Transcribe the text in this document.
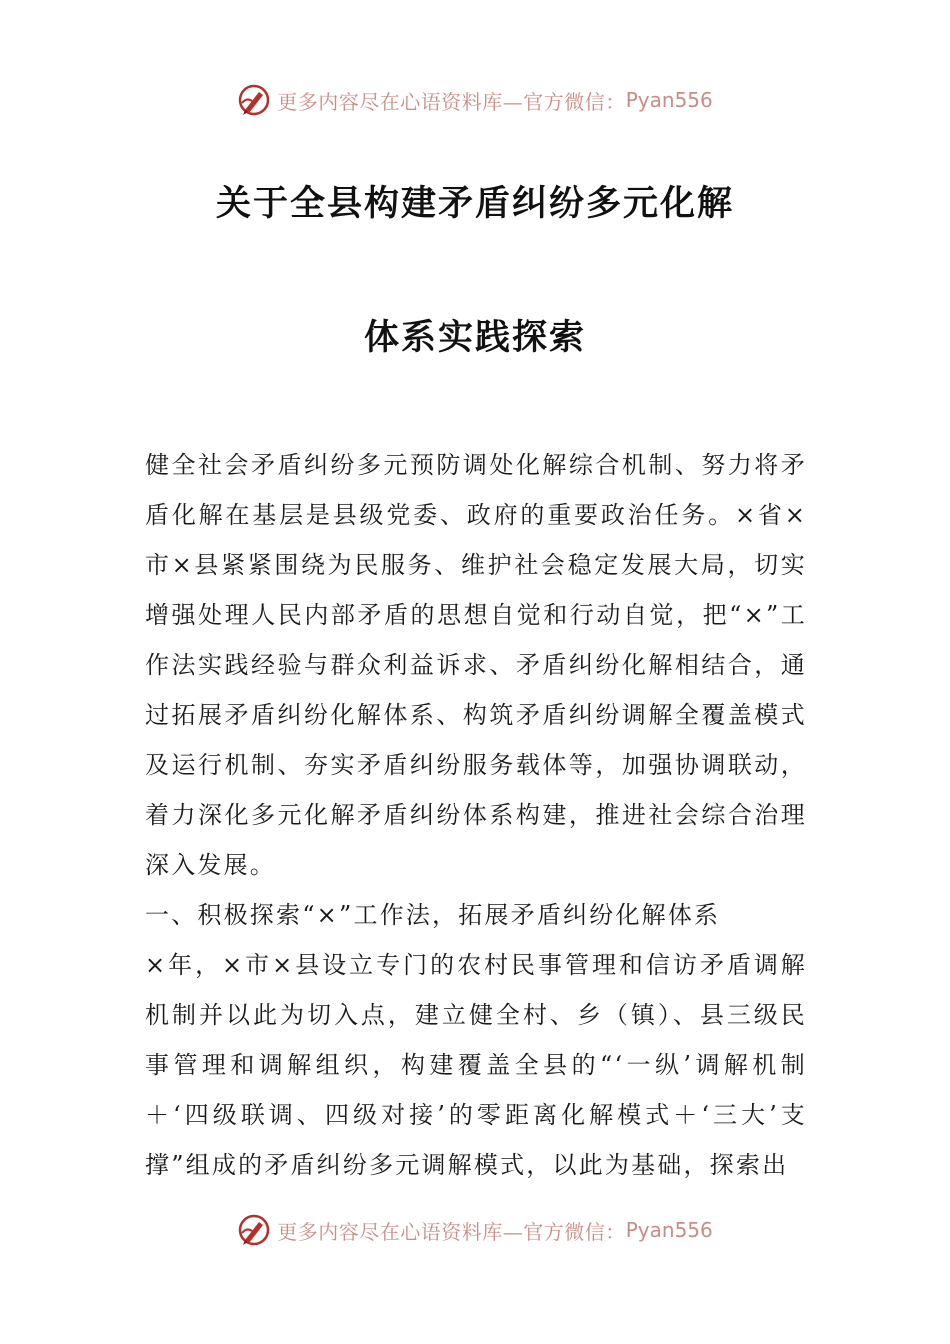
更多内容尽在心语资料库—官方微信： Pyan556
关于全县构建矛盾纠纷多元化解
体系实践探索

健全社会矛盾纠纷多元预防调处化解综合机制、努力将矛盾化解在基层是县级党委、政府的重要政治任务。×省×市×县紧紧围绕为民服务、维护社会稳定发展大局，切实增强处理人民内部矛盾的思想自觉和行动自觉，把“×”工作法实践经验与群众利益诉求、矛盾纠纷化解相结合，通过拓展矛盾纠纷化解体系、构筑矛盾纠纷调解全覆盖模式及运行机制、夯实矛盾纠纷服务载体等，加强协调联动，着力深化多元化解矛盾纠纷体系构建，推进社会综合治理深入发展。

一、积极探索“×”工作法，拓展矛盾纠纷化解体系

×年，×市×县设立专门的农村民事管理和信访矛盾调解机制并以此为切入点，建立健全村、乡（镇）、县三级民事管理和调解组织，构建覆盖全县的“‘一纵’调解机制＋‘四级联调、四级对接’的零距离化解模式＋‘三大’支撑”组成的矛盾纠纷多元调解模式，以此为基础，探索出

更多内容尽在心语资料库—官方微信： Pyan556
